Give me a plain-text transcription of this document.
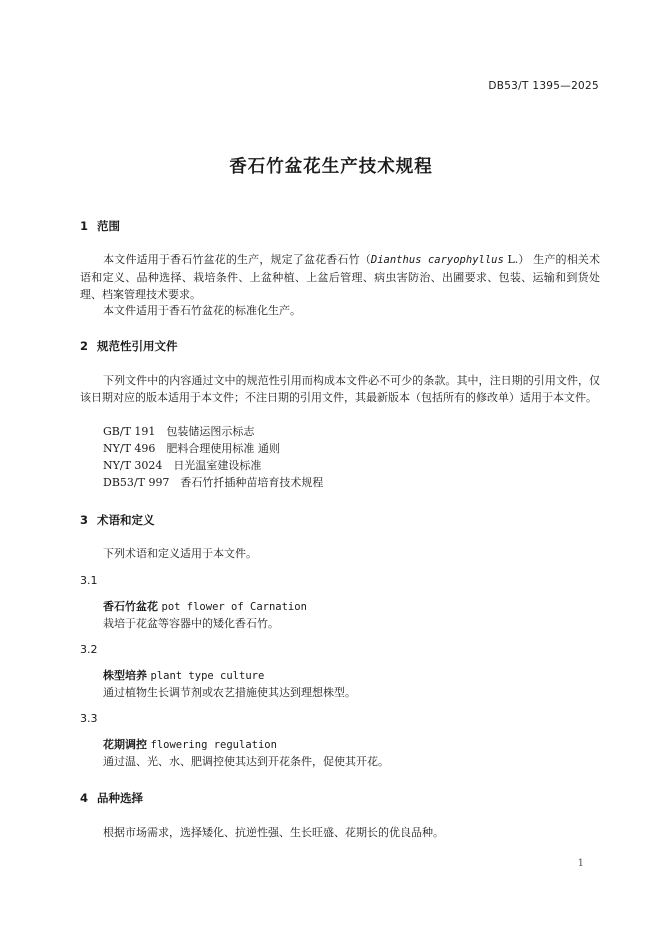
DB53/T 1395—2025
香石竹盆花生产技术规程
1 范围
本文件适用于香石竹盆花的生产，规定了盆花香石竹（Dianthus caryophyllus L.） 生产的相关术语和定义、品种选择、栽培条件、上盆种植、上盆后管理、病虫害防治、出圃要求、包装、运输和到货处理、档案管理技术要求。
本文件适用于香石竹盆花的标准化生产。
2 规范性引用文件
下列文件中的内容通过文中的规范性引用而构成本文件必不可少的条款。其中，注日期的引用文件，仅该日期对应的版本适用于本文件；不注日期的引用文件，其最新版本（包括所有的修改单）适用于本文件。
GB/T 191　包装储运图示标志
NY/T 496　肥料合理使用标准 通则
NY/T 3024　日光温室建设标准
DB53/T 997　香石竹扦插种苗培育技术规程
3 术语和定义
下列术语和定义适用于本文件。
3.1
香石竹盆花 pot flower of Carnation
栽培于花盆等容器中的矮化香石竹。
3.2
株型培养 plant type culture
通过植物生长调节剂或农艺措施使其达到理想株型。
3.3
花期调控 flowering regulation
通过温、光、水、肥调控使其达到开花条件，促使其开花。
4 品种选择
根据市场需求，选择矮化、抗逆性强、生长旺盛、花期长的优良品种。
1
